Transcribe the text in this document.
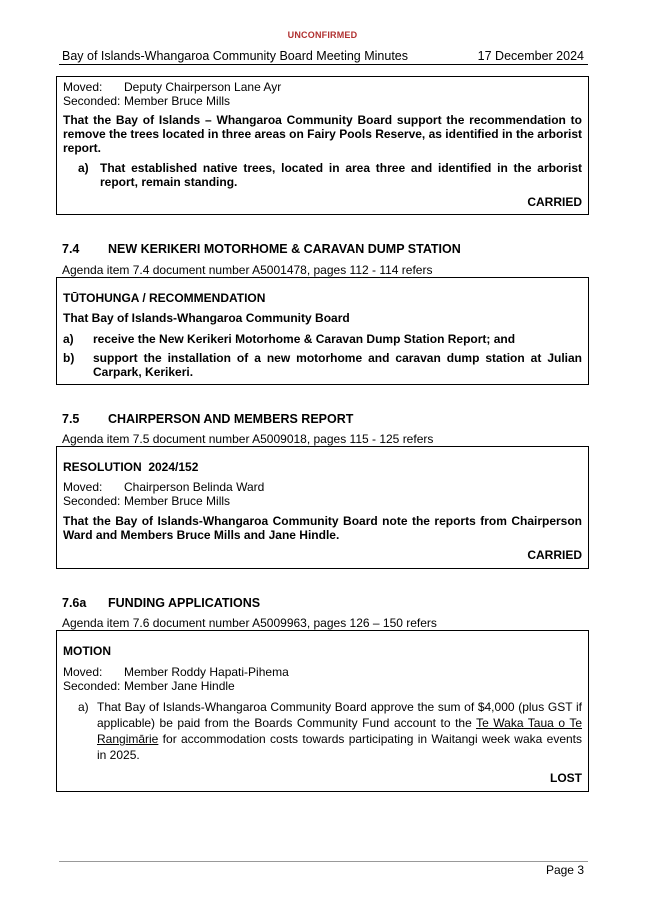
UNCONFIRMED
Bay of Islands-Whangaroa Community Board Meeting Minutes	17 December 2024
Moved: Deputy Chairperson Lane Ayr
Seconded: Member Bruce Mills
That the Bay of Islands – Whangaroa Community Board support the recommendation to remove the trees located in three areas on Fairy Pools Reserve, as identified in the arborist report.
a) That established native trees, located in area three and identified in the arborist report, remain standing.
CARRIED
7.4 NEW KERIKERI MOTORHOME & CARAVAN DUMP STATION
Agenda item 7.4 document number A5001478, pages 112 - 114 refers
TŪTOHUNGA / RECOMMENDATION
That Bay of Islands-Whangaroa Community Board
a) receive the New Kerikeri Motorhome & Caravan Dump Station Report; and
b) support the installation of a new motorhome and caravan dump station at Julian Carpark, Kerikeri.
7.5 CHAIRPERSON AND MEMBERS REPORT
Agenda item 7.5 document number A5009018, pages 115 - 125 refers
RESOLUTION  2024/152
Moved: Chairperson Belinda Ward
Seconded: Member Bruce Mills
That the Bay of Islands-Whangaroa Community Board note the reports from Chairperson Ward and Members Bruce Mills and Jane Hindle.
CARRIED
7.6a FUNDING APPLICATIONS
Agenda item 7.6 document number A5009963, pages 126 – 150 refers
MOTION
Moved: Member Roddy Hapati-Pihema
Seconded: Member Jane Hindle
a) That Bay of Islands-Whangaroa Community Board approve the sum of $4,000 (plus GST if applicable) be paid from the Boards Community Fund account to the Te Waka Taua o Te Rangimārie for accommodation costs towards participating in Waitangi week waka events in 2025.
LOST
Page 3
